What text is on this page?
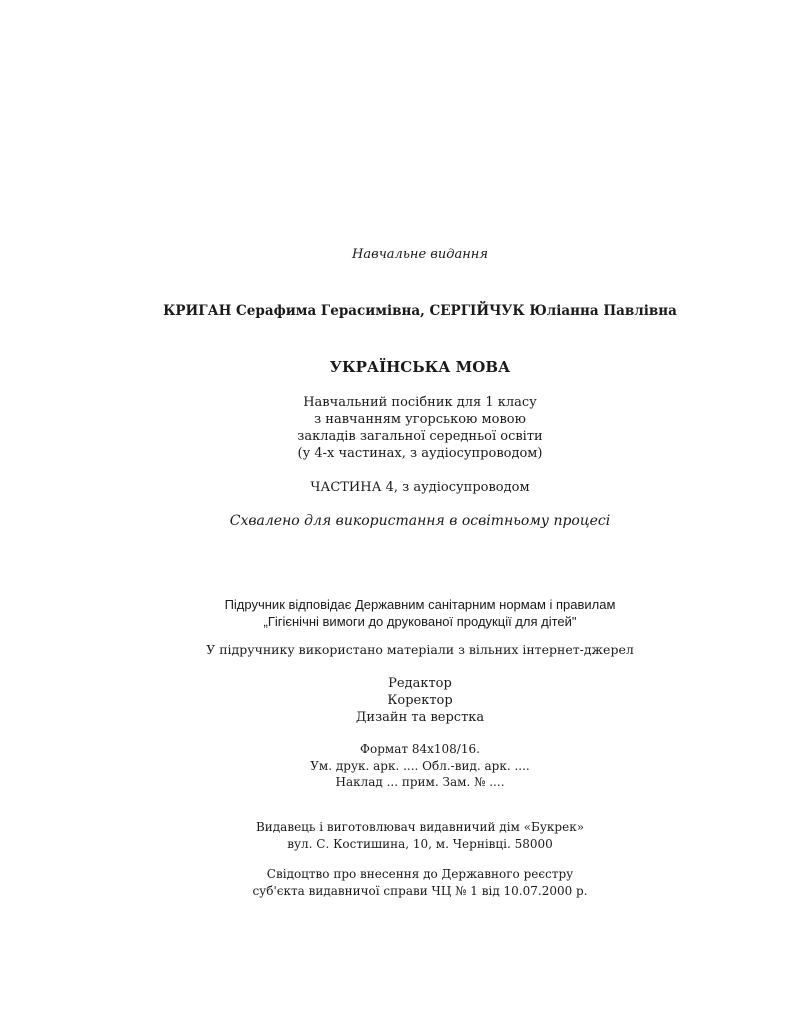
Навчальне видання
КРИГАН Серафима Герасимівна, СЕРГІЙЧУК Юліанна Павлівна
УКРАЇНСЬКА МОВА
Навчальний посібник для 1 класу
з навчанням угорською мовою
закладів загальної середньої освіти
(у 4-х частинах, з аудіосупроводом)
ЧАСТИНА 4, з аудіосупроводом
Схвалено для використання в освітньому процесі
Підручник відповідає Державним санітарним нормам і правилам
„Гігієнічні вимоги до друкованої продукції для дітей"
У підручнику використано матеріали з вільних інтернет-джерел
Редактор
Коректор
Дизайн та верстка
Формат 84х108/16.
Ум. друк. арк. .... Обл.-вид. арк. ....
Наклад ... прим. Зам. № ....
Видавець і виготовлювач видавничий дім «Букрек»
вул. С. Костишина, 10, м. Чернівці. 58000
Свідоцтво про внесення до Державного реєстру
суб'єкта видавничої справи ЧЦ № 1 від 10.07.2000 р.
